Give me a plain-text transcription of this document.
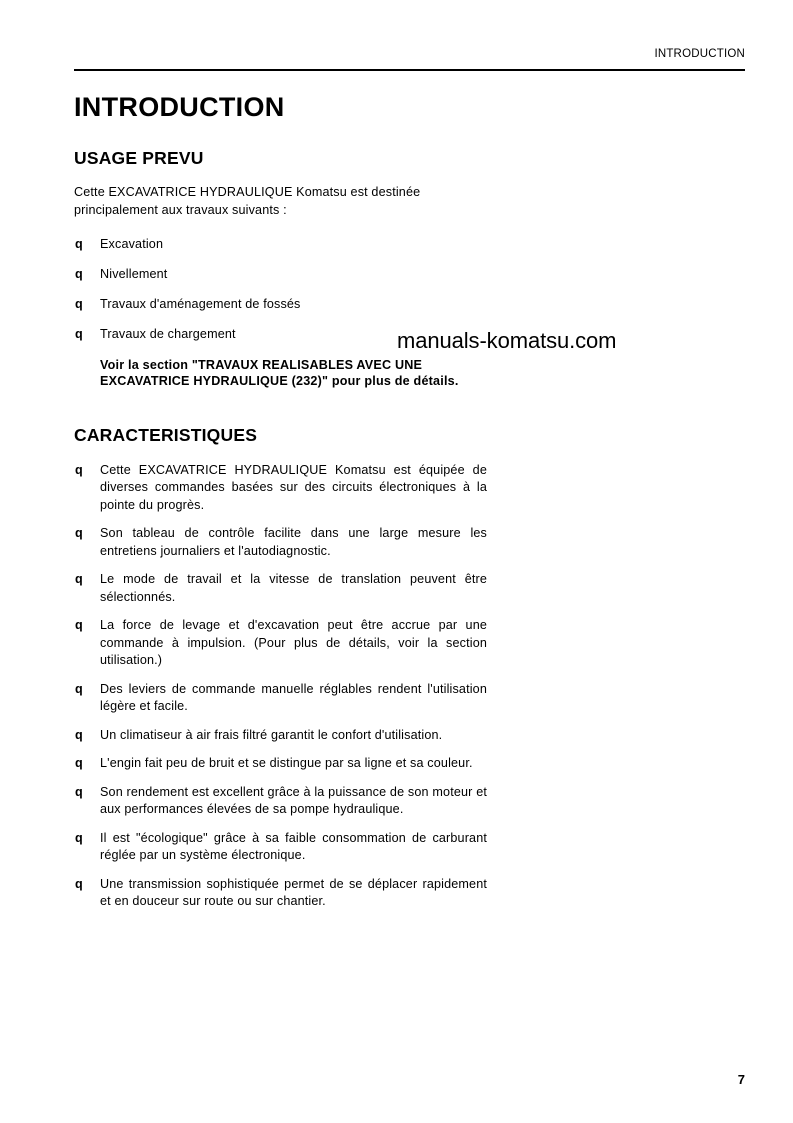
INTRODUCTION
INTRODUCTION
USAGE PREVU

Cette EXCAVATRICE HYDRAULIQUE Komatsu est destinée principalement aux travaux suivants :

q Excavation
q Nivellement
q Travaux d'aménagement de fossés
q Travaux de chargement

Voir la section "TRAVAUX REALISABLES AVEC UNE EXCAVATRICE HYDRAULIQUE (232)" pour plus de détails.

CARACTERISTIQUES
q Cette EXCAVATRICE HYDRAULIQUE Komatsu est équipée de diverses commandes basées sur des circuits électroniques à la pointe du progrès.
q Son tableau de contrôle facilite dans une large mesure les entretiens journaliers et l'autodiagnostic.
q Le mode de travail et la vitesse de translation peuvent être sélectionnés.
q La force de levage et d'excavation peut être accrue par une commande à impulsion. (Pour plus de détails, voir la section utilisation.)
q Des leviers de commande manuelle réglables rendent l'utilisation légère et facile.
q Un climatiseur à air frais filtré garantit le confort d'utilisation.
q L'engin fait peu de bruit et se distingue par sa ligne et sa couleur.
q Son rendement est excellent grâce à la puissance de son moteur et aux performances élevées de sa pompe hydraulique.
q Il est "écologique" grâce à sa faible consommation de carburant réglée par un système électronique.
q Une transmission sophistiquée permet de se déplacer rapidement et en douceur sur route ou sur chantier.
manuals-komatsu.com
7
